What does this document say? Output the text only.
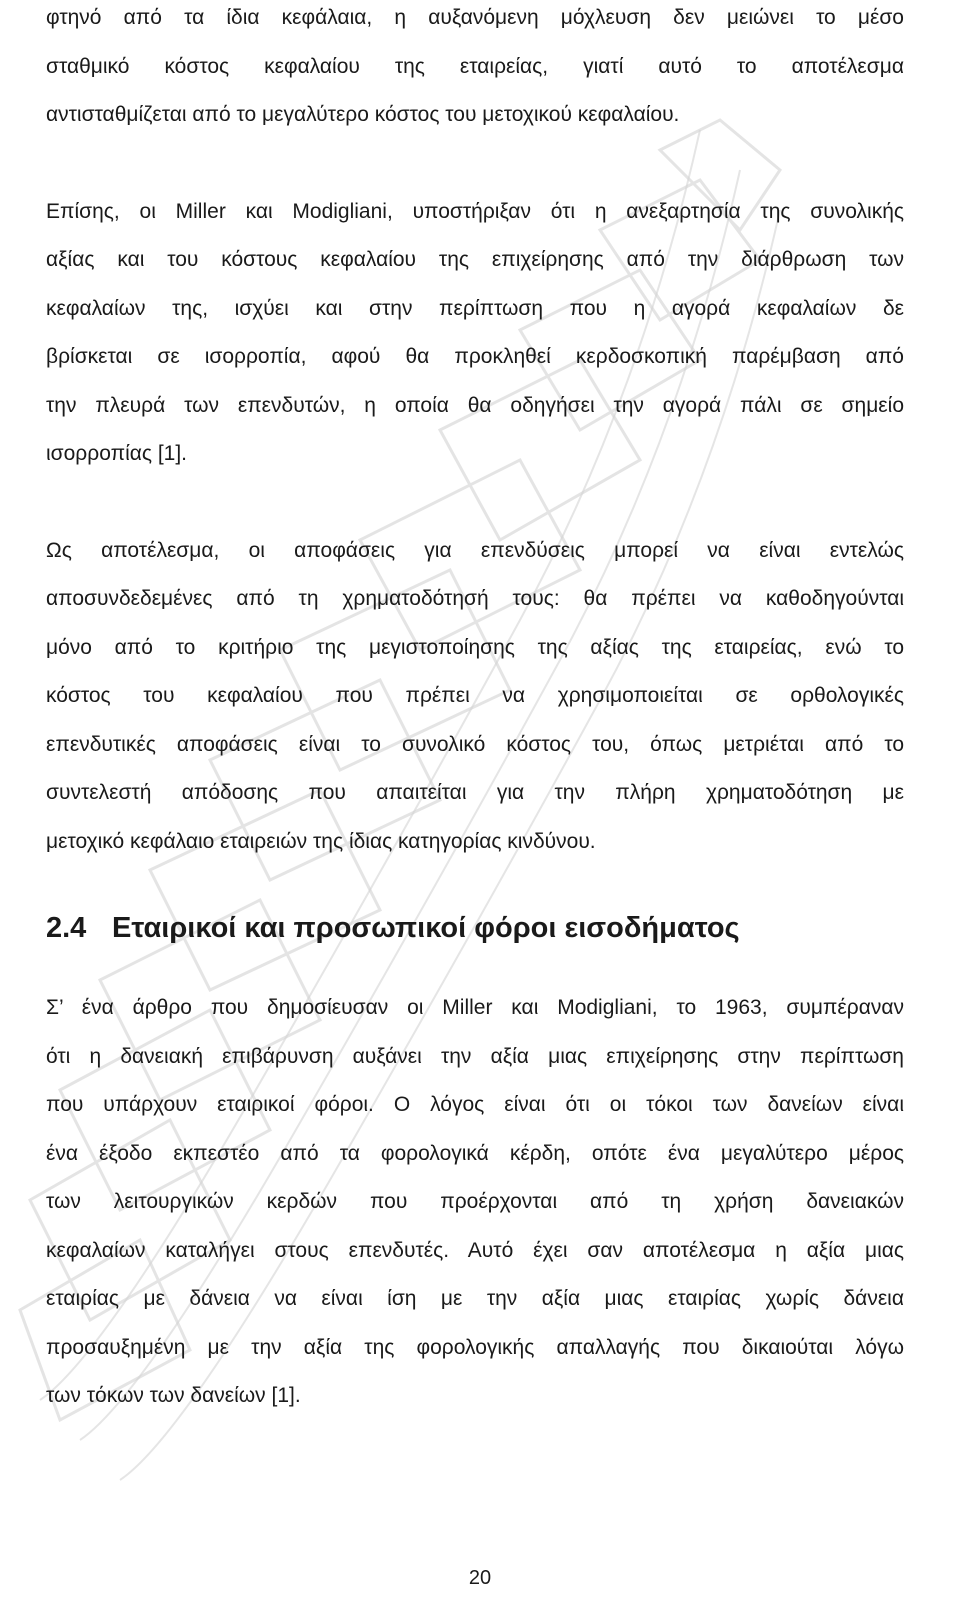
φτηνό από τα ίδια κεφάλαια, η αυξανόμενη μόχλευση δεν μειώνει το μέσο
σταθμικό κόστος κεφαλαίου της εταιρείας, γιατί αυτό το αποτέλεσμα
αντισταθμίζεται από το μεγαλύτερο κόστος του μετοχικού κεφαλαίου.

Επίσης, οι Miller και Modigliani, υποστήριξαν ότι η ανεξαρτησία της συνολικής
αξίας και του κόστους κεφαλαίου της επιχείρησης από την διάρθρωση των
κεφαλαίων της, ισχύει και στην περίπτωση που η αγορά κεφαλαίων δε
βρίσκεται σε ισορροπία, αφού θα προκληθεί κερδοσκοπική παρέμβαση από
την πλευρά των επενδυτών, η οποία θα οδηγήσει την αγορά πάλι σε σημείο
ισορροπίας [1].

Ως αποτέλεσμα, οι αποφάσεις για επενδύσεις μπορεί να είναι εντελώς
αποσυνδεδεμένες από τη χρηματοδότησή τους: θα πρέπει να καθοδηγούνται
μόνο από το κριτήριο της μεγιστοποίησης της αξίας της εταιρείας, ενώ το
κόστος του κεφαλαίου που πρέπει να χρησιμοποιείται σε ορθολογικές
επενδυτικές αποφάσεις είναι το συνολικό κόστος του, όπως μετριέται από το
συντελεστή απόδοσης που απαιτείται για την πλήρη χρηματοδότηση με
μετοχικό κεφάλαιο εταιρειών της ίδιας κατηγορίας κινδύνου.

2.4 Εταιρικοί και προσωπικοί φόροι εισοδήματος

Σ’ ένα άρθρο που δημοσίευσαν οι Miller και Modigliani, το 1963, συμπέραναν
ότι η δανειακή επιβάρυνση αυξάνει την αξία μιας επιχείρησης στην περίπτωση
που υπάρχουν εταιρικοί φόροι. Ο λόγος είναι ότι οι τόκοι των δανείων είναι
ένα έξοδο εκπεστέο από τα φορολογικά κέρδη, οπότε ένα μεγαλύτερο μέρος
των λειτουργικών κερδών που προέρχονται από τη χρήση δανειακών
κεφαλαίων καταλήγει στους επενδυτές. Αυτό έχει σαν αποτέλεσμα η αξία μιας
εταιρίας με δάνεια να είναι ίση με την αξία μιας εταιρίας χωρίς δάνεια
προσαυξημένη με την αξία της φορολογικής απαλλαγής που δικαιούται λόγω
των τόκων των δανείων [1].

20
